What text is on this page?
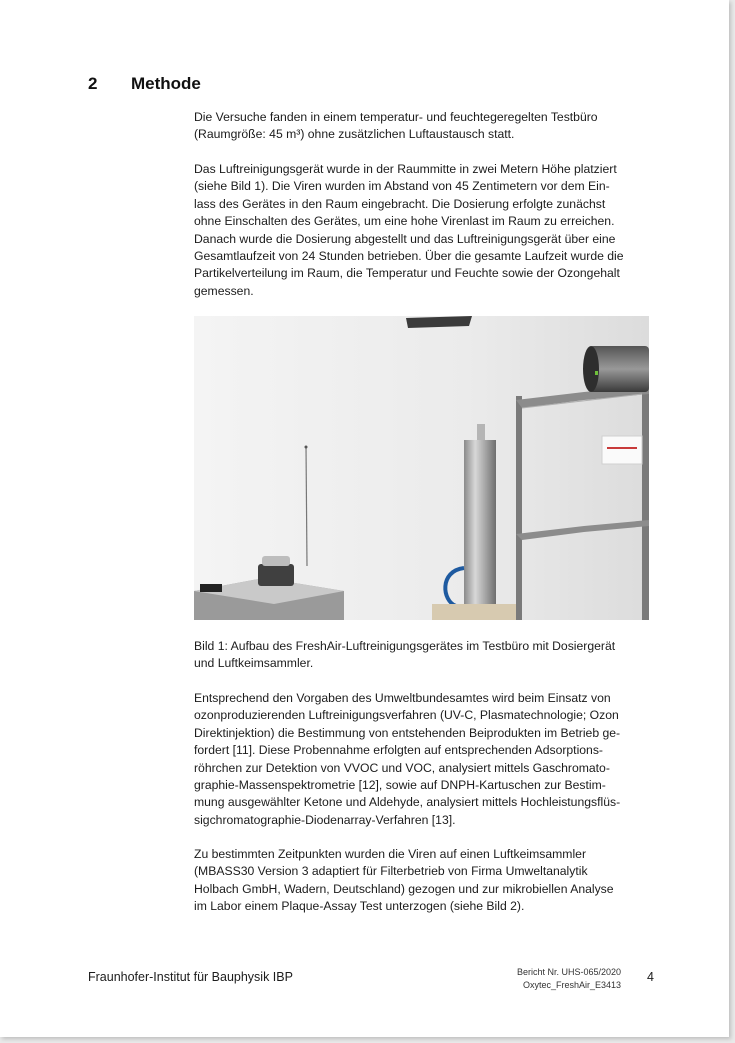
2 Methode

Die Versuche fanden in einem temperatur- und feuchtegeregelten Testbüro

(Raumgröße: 45 m³) ohne zusätzlichen Luftaustausch statt.

Das Luftreinigungsgerät wurde in der Raummitte in zwei Metern Höhe platziert

(siehe Bild 1). Die Viren wurden im Abstand von 45 Zentimetern vor dem Ein-

lass des Gerätes in den Raum eingebracht. Die Dosierung erfolgte zunächst

ohne Einschalten des Gerätes, um eine hohe Virenlast im Raum zu erreichen.

Danach wurde die Dosierung abgestellt und das Luftreinigungsgerät über eine

Gesamtlaufzeit von 24 Stunden betrieben. Über die gesamte Laufzeit wurde die

Partikelverteilung im Raum, die Temperatur und Feuchte sowie der Ozongehalt

gemessen.

Bild 1: Aufbau des FreshAir-Luftreinigungsgerätes im Testbüro mit Dosiergerät

und Luftkeimsammler.

Entsprechend den Vorgaben des Umweltbundesamtes wird beim Einsatz von

ozonproduzierenden Luftreinigungsverfahren (UV-C, Plasmatechnologie; Ozon

Direktinjektion) die Bestimmung von entstehenden Beiprodukten im Betrieb ge-

fordert [11]. Diese Probennahme erfolgten auf entsprechenden Adsorptions-

röhrchen zur Detektion von VVOC und VOC, analysiert mittels Gaschromato-

graphie-Massenspektrometrie [12], sowie auf DNPH-Kartuschen zur Bestim-

mung ausgewählter Ketone und Aldehyde, analysiert mittels Hochleistungsflüs-

sigchromatographie-Diodenarray-Verfahren [13].

Zu bestimmten Zeitpunkten wurden die Viren auf einen Luftkeimsammler

(MBASS30 Version 3 adaptiert für Filterbetrieb von Firma Umweltanalytik

Holbach GmbH, Wadern, Deutschland) gezogen und zur mikrobiellen Analyse

im Labor einem Plaque-Assay Test unterzogen (siehe Bild 2).

Fraunhofer-Institut für Bauphysik IBP	Bericht Nr. UHS-065/2020
Oxytec_FreshAir_E3413
4
